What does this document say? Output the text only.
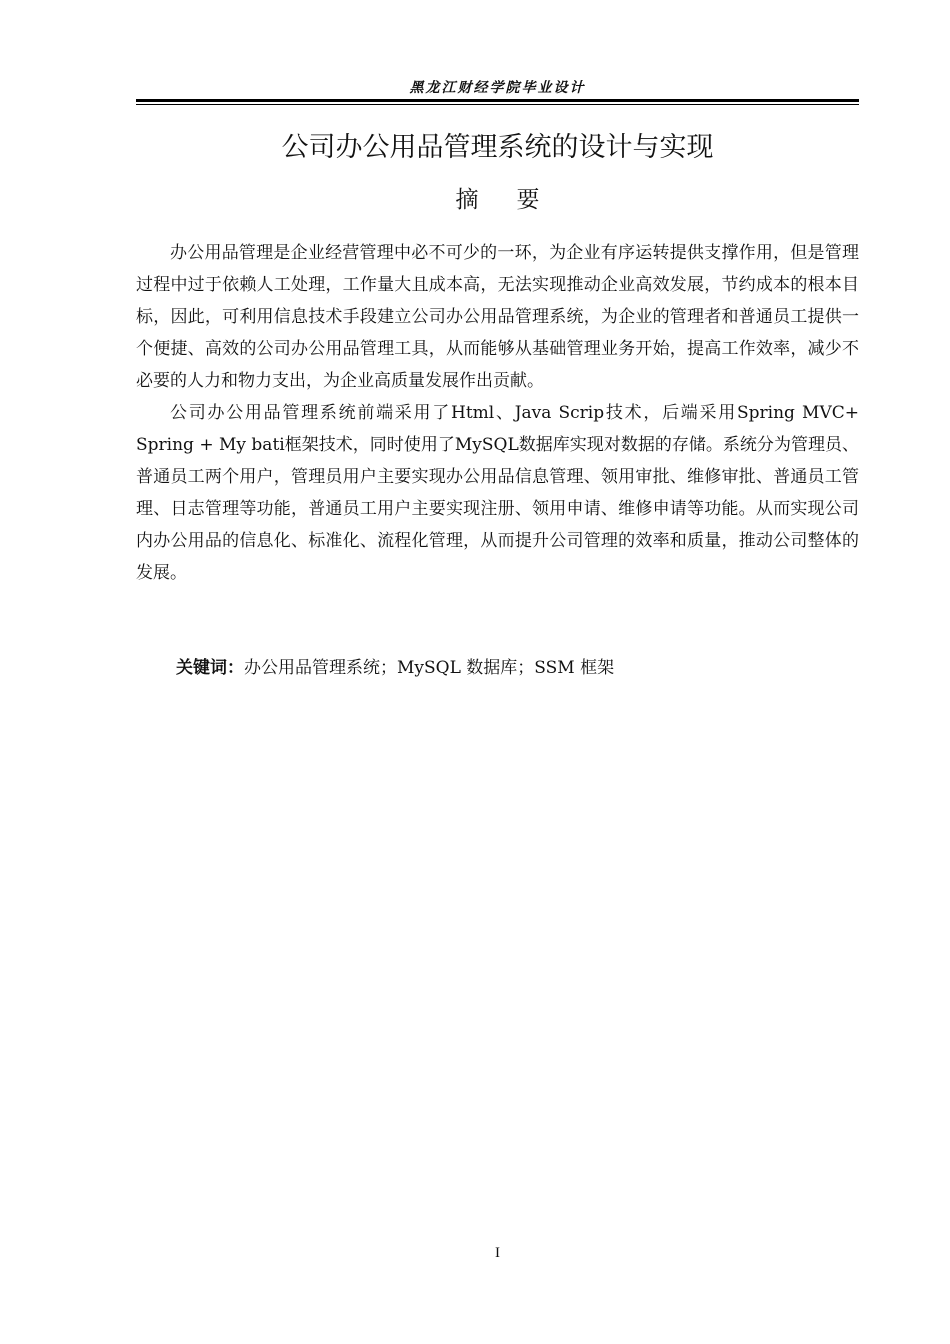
黑龙江财经学院毕业设计
公司办公用品管理系统的设计与实现
摘要

办公用品管理是企业经营管理中必不可少的一环，为企业有序运转提供支撑作用，但是管理过程中过于依赖人工处理，工作量大且成本高，无法实现推动企业高效发展，节约成本的根本目标，因此，可利用信息技术手段建立公司办公用品管理系统，为企业的管理者和普通员工提供一个便捷、高效的公司办公用品管理工具，从而能够从基础管理业务开始，提高工作效率，减少不必要的人力和物力支出，为企业高质量发展作出贡献。

公司办公用品管理系统前端采用了Html、Java Scrip技术，后端采用Spring MVC+ Spring + My bati框架技术，同时使用了MySQL数据库实现对数据的存储。系统分为管理员、普通员工两个用户，管理员用户主要实现办公用品信息管理、领用审批、维修审批、普通员工管理、日志管理等功能，普通员工用户主要实现注册、领用申请、维修申请等功能。从而实现公司内办公用品的信息化、标准化、流程化管理，从而提升公司管理的效率和质量，推动公司整体的发展。

关键词：办公用品管理系统；MySQL 数据库；SSM 框架
I
